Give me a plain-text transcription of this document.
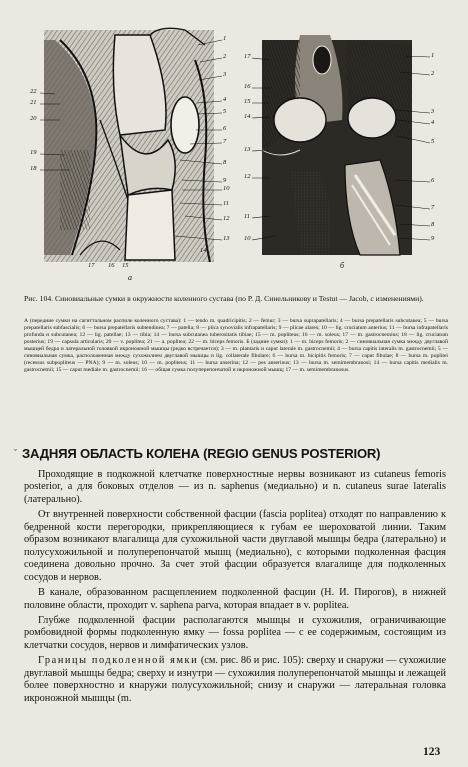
1
2
3
4
5
6
7
8
9
10
11
12
13
14
15
16
17
18
19
20
21
22
а
1
2
3
4
5
6
7
8
9
10
11
12
13
14
15
16
17
б
Рис. 104. Синовиальные сумки в окружности коленного сустава (по Р. Д. Синельникову и Testut — Jacob, с изменениями).
А (передние сумки на сагиттальном распиле коленного сустава): 1 — tendo m. quadricipitis; 2 — femur; 3 — bursa suprapatellaris; 4 — bursa prepatellaris subcutanea; 5 — bursa prepatellaris subfascialis; 6 — bursa prepatellaris subtendinea; 7 — patella; 8 — plica synovialis infrapatellaris; 9 — plicae alares; 10 — lig. cruciatum anterius; 11 — bursa infrapatellaris profunda и subcutanea; 12 — lig. patellae; 13 — tibia; 14 — bursa subcutanea tuberositatis tibiae; 15 — m. popliteus; 16 — m. soleus; 17 — m. gastrocnemius; 18 — lig. cruciatum posterius; 19 — capsula articularis; 20 — v. poplitea; 21 — a. poplitea; 22 — m. biceps femoris. Б (задние сумки): 1 — m. biceps femoris; 2 — синовиальная сумка между двуглавой мышцей бедра и латеральной головкой икроножной мышцы (редко встречается); 3 — m. plantaris и caput laterale m. gastrocnemii; 4 — bursa capitis lateralis m. gastrocnemii; 5 — синовиальная сумка, расположенная между сухожилием двуглавой мышцы и lig. collaterale fibulare; 6 — bursa m. bicipitis femoris; 7 — caput fibulae; 8 — bursa m. poplitei (recessus subpopliteus — PNA); 9 — m. soleus; 10 — m. popliteus; 11 — bursa anserina; 12 — pes anserinus; 13 — bursa m. semimembranosi; 14 — bursa capitis medialis m. gastrocnemii; 15 — caput mediale m. gastrocnemii; 16 — общая сумка полуперепончатой и икроножной мышц; 17 — m. semimembranosus.
ˇ ЗАДНЯЯ ОБЛАСТЬ КОЛЕНА (REGIO GENUS POSTERIOR)

Проходящие в подкожной клетчатке поверхностные нервы возникают из cutaneus femoris posterior, а для боковых отделов — из n. saphenus (медиально) и n. cutaneus surae lateralis (латерально).

От внутренней поверхности собственной фасции (fascia poplitea) отходят по направлению к бедренной кости перегородки, прикрепляющиеся к губам ее шероховатой линии. Таким образом возникают влагалища для сухожильной части двуглавой мышцы бедра (латерально) и полусухожильной и полуперепончатой мышц (медиально), с которыми подколенная фасция соединена довольно прочно. За счет этой фасции образуется влагалище для подколенных сосудов и нервов.

В канале, образованном расщеплением подколенной фасции (Н. И. Пирогов), в нижней половине области, проходит v. saphena parva, которая впадает в v. poplitea.

Глубже подколенной фасции располагаются мышцы и сухожилия, ограничивающие ромбовидной формы подколенную ямку — fossa poplitea — с ее содержимым, состоящим из клетчатки сосудов, нервов и лимфатических узлов.

Границы подколенной ямки (см. рис. 86 и рис. 105): сверху и снаружи — сухожилие двуглавой мышцы бедра; сверху и изнутри — сухожилия полуперепончатой мышцы и лежащей более поверхностно и кнаружи полусухожильной; снизу и снаружи — латеральная головка икроножной мышцы (m.

123
